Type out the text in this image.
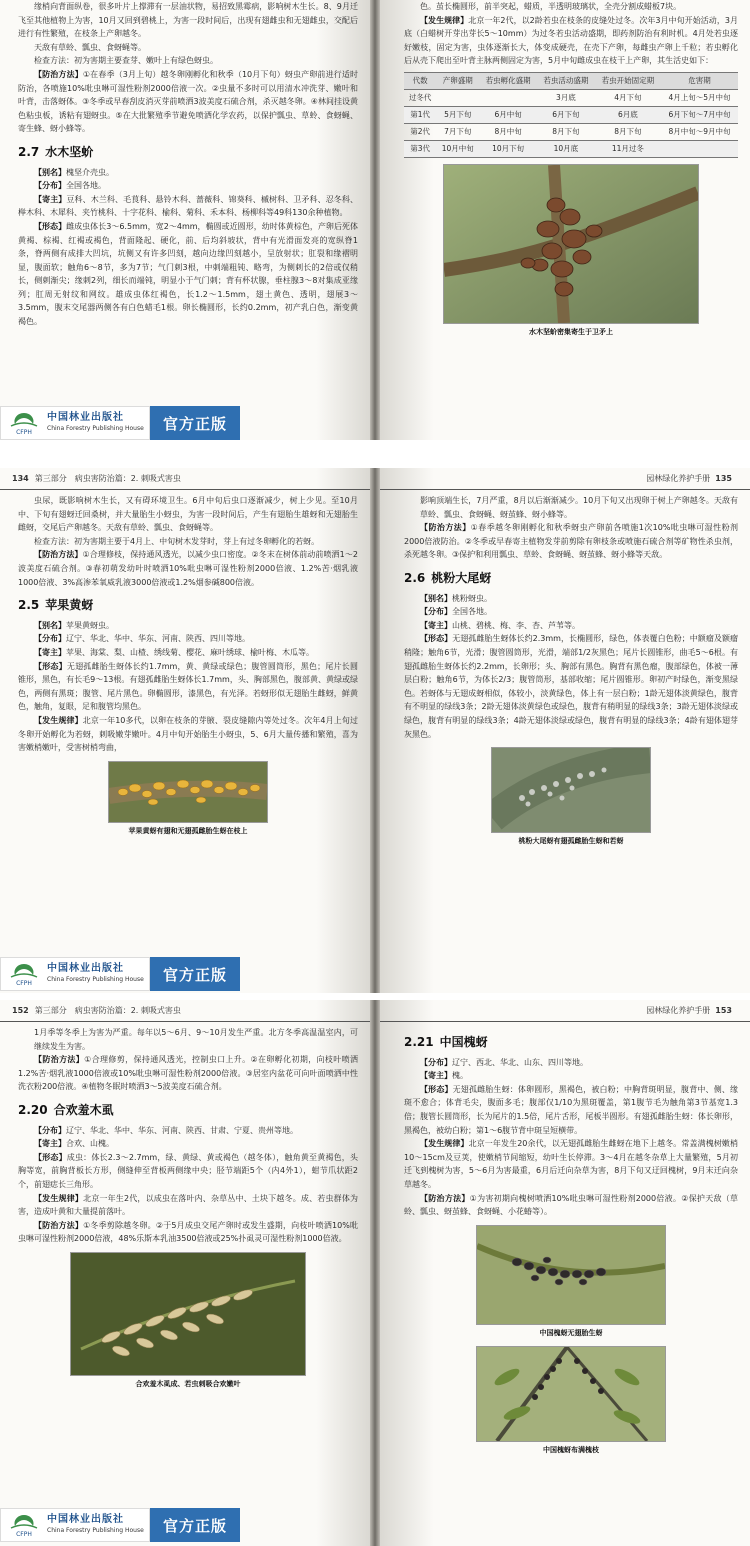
缘梢向背面纵卷，很多叶片上撑滞有一层油状物，易招致黑霉病，影响树木生长。8、9月迁飞至其他植物上为害，10月又回到碧桃上，为害一段时间后，出现有翅雌虫和无翅雌虫，交配后进行有性繁殖，在枝条上产卵越冬。

天敌有草蛉、瓢虫、食蚜蝇等。

检查方法：初为害期主要查芽、嫩叶上有绿色蚜虫。

【防治方法】①在春季（3月上旬）越冬卵刚孵化和秋季（10月下旬）蚜虫产卵前进行适时防治，各喷施10%吡虫啉可湿性粉剂2000倍液一次。②虫量不多时可以用清水冲洗芽、嫩叶和叶背，击落蚜体。③冬季或早春刮皮消灭芽前喷洒3波美度石硫合剂，杀灭越冬卵。④林间挂设黄色粘虫板，诱粘有翅蚜虫。⑤在大批繁殖季节避免喷洒化学农药，以保护瓢虫、草蛉、食蚜蝇、寄生蜂、蚜小蜂等。

2.7 水木坚蚧

【别名】槐坚介壳虫。

【分布】全国各地。

【寄主】豆科、木兰科、毛茛科、悬铃木科、蔷薇科、锦葵科、槭树科、卫矛科、忍冬科、榉木科、木犀科、夹竹桃科、十字花科、榆科、菊科、禾本科、杨柳科等49科130余种植物。

【形态】雌成虫体长3～6.5mm，宽2～4mm，椭圆或近圆形，幼时体黄棕色，产卵后死体黄褐、棕褐、红褐或褐色，背面隆起、硬化，前、后均斜坡状，背中有光滑面发亮的宽纵脊1条，脊两侧有成排大凹坑，坑侧又有许多凹刻，越向边缘凹刻越小，呈放射状；肛裂和缘褶明显，腹面软；触角6～8节，多为7节；气门刺3根，中刺端粗钝、略弯，为侧刺长的2倍或仅稍长，侧刺渐尖；缘刺2列，细长而端钝，明显小于气门刺；背有杯状腺，垂柱腺3～8对集成亚缘列；肛周无射纹和网纹。雄成虫体红褐色，长1.2～1.5mm，翅土黄色、透明，翅展3～3.5mm，腹末交尾器两侧各有白色蜡毛1根。卵长椭圆形，长约0.2mm，初产乳白色，渐变黄褐色。

CFPH
中国林业出版社
China Forestry Publishing House	官方正版

色。茧长椭圆形，前半突起，蜡质，半透明玻璃状，全壳分割成蜡板7块。

【发生规律】北京一年2代，以2龄若虫在枝条的皮缝处过冬。次年3月中旬开始活动，3月底（白蜡树开芽出芽长5～10mm）为过冬若虫活动盛期，即药剂防治有利时机。4月处若虫逐好嫩枝，固定为害，虫体逐渐长大，体变成硬壳，在壳下产卵，每雌虫产卵上千粒；若虫孵化后从壳下爬出至叶背主脉两侧固定为害，5月中旬雌成虫在枝干上产卵，其生活史如下：

代数	产卵盛期	若虫孵化盛期	若虫活动盛期	若虫开始固定期	危害期
过冬代			3月底	4月下旬	4月上旬～5月中旬
第1代	5月下旬	6月中旬	6月下旬	6月底	6月下旬～7月中旬
第2代	7月下旬	8月中旬	8月下旬	8月下旬	8月中旬～9月中旬
第3代	10月中旬	10月下旬	10月底	11月过冬	
水木坚蚧密集寄生于卫矛上
134 第三部分　病虫害防治篇：2. 刺吸式害虫

虫尿，既影响树木生长，又有碍环境卫生。6月中旬后虫口逐渐减少，树上少见。至10月中、下旬有翅蚜迁回桑树，并大量胎生小蚜虫，为害一段时间后，产生有翅胎生雄蚜和无翅胎生雌蚜，交尾后产卵越冬。天敌有草蛉、瓢虫、食蚜蝇等。

检查方法：初为害期主要于4月上、中旬树木发芽时，芽上有过冬卵孵化的若蚜。

【防治方法】①合理修枝，保持通风透光，以减少虫口密度。②冬末在树体前动前喷洒1～2波美度石硫合剂。③春初萌发幼叶时喷洒10%吡虫啉可湿性粉剂2000倍液、1.2%苦·烟乳液1000倍液、3%高渗苯氧威乳液3000倍液或1.2%烟参碱800倍液。

2.5 苹果黄蚜

【别名】苹果黄蚜虫。

【分布】辽宁、华北、华中、华东、河南、陕西、四川等地。

【寄主】苹果、海棠、梨、山楂、绣线菊、樱花、麻叶绣球、榆叶梅、木瓜等。

【形态】无翅孤雌胎生蚜体长约1.7mm，黄、黄绿或绿色；腹管圆筒形，黑色；尾片长圆锥形，黑色，有长毛9～13根。有翅孤雌胎生蚜体长1.7mm，头、胸部黑色，腹部黄、黄绿或绿色，两侧有黑斑；腹管、尾片黑色。卵椭圆形，漆黑色，有光泽。若蚜形似无翅胎生雌蚜，鲜黄色，触角，复眼，足和腹管均黑色。

【发生规律】北京一年10多代，以卵在枝条的芽腋、裂皮缝隙内等处过冬。次年4月上旬过冬卵开始孵化为若蚜，刺吸嫩芽嫩叶。4月中旬开始胎生小蚜虫，5、6月大量传播和繁殖，喜为害嫩梢嫩叶，受害树梢弯曲，

苹果黄蚜有翅和无翅孤雌胎生蚜在枝上
CFPH
中国林业出版社
China Forestry Publishing House	官方正版
园林绿化养护手册 135

影响顶端生长，7月严重，8月以后渐渐减少。10月下旬又出现卵于树上产卵越冬。天敌有草蛉、瓢虫、食蚜蝇、蚜茧蜂、蚜小蜂等。

【防治方法】①春季越冬卵刚孵化和秋季蚜虫产卵前各喷施1次10%吡虫啉可湿性粉剂2000倍液防治。②冬季或早春寄主植物发芽前剪除有卵枝条或喷施石硫合剂等矿物性杀虫剂，杀死越冬卵。③保护和利用瓢虫、草蛉、食蚜蝇、蚜茧蜂、蚜小蜂等天敌。

2.6 桃粉大尾蚜

【别名】桃粉蚜虫。

【分布】全国各地。

【寄主】山桃、碧桃、梅、李、杏、芦苇等。

【形态】无翅孤雌胎生蚜体长约2.3mm，长椭圆形，绿色，体表覆白色粉；中额瘤及额瘤稍隆；触角6节，光滑；腹管圆筒形，光滑，端部1/2灰黑色；尾片长圆锥形，曲毛5～6根。有翅孤雌胎生蚜体长约2.2mm，长卵形；头、胸部有黑色。胸背有黑色瘤，腹部绿色，体被一薄层白粉；触角6节，为体长2/3；腹管筒形，基部收缩；尾片圆锥形。卵初产时绿色，渐变黑绿色。若蚜体与无翅成蚜相似，体较小，淡黄绿色，体上有一层白粉；1龄无翅体淡黄绿色，腹背有不明显的绿线3条；2龄无翅体淡黄绿色或绿色，腹背有稍明显的绿线3条；3龄无翅体淡绿或绿色，腹背有明显的绿线3条；4龄无翅体淡绿或绿色，腹背有明显的绿线3条；4龄有翅体翅芽灰黑色。

桃粉大尾蚜有翅孤雌胎生蚜和若蚜
152 第三部分　病虫害防治篇：2. 刺吸式害虫

1月季等冬季上为害为严重。每年以5～6月、9～10月发生严重。北方冬季高温温室内，可继续发生为害。

【防治方法】①合理修剪，保持通风透光，控制虫口上升。②在卵孵化初期，向枝叶喷洒1.2%苦·烟乳液1000倍液或10%吡虫啉可湿性粉剂2000倍液。③居室内盆花可向叶面喷洒中性洗衣粉200倍液。④植物冬眠时喷洒3～5波美度石硫合剂。

2.20 合欢羞木虱

【分布】辽宁、华北、华中、华东、河南、陕西、甘肃、宁夏、贵州等地。

【寄主】合欢、山槐。

【形态】成虫：体长2.3～2.7mm，绿、黄绿、黄或褐色（越冬体），触角黄至黄褐色，头胸等宽，前胸背板长方形，侧缝伸至背板两侧缘中央；胫节端距5个（内4外1），蚶节爪状距2个，前翅痣长三角形。

【发生规律】北京一年生2代，以成虫在落叶内、杂草丛中、土块下越冬。成、若虫群体为害，造成叶黄和大量提前落叶。

【防治方法】①冬季剪除越冬卵。②于5月成虫交尾产卵时或发生盛期，向枝叶喷洒10%吡虫啉可湿性粉剂2000倍液，48%乐斯本乳油3500倍液或25%扑虱灵可湿性粉剂1000倍液。

合欢羞木虱成、若虫刺吸合欢嫩叶
CFPH
中国林业出版社
China Forestry Publishing House	官方正版
园林绿化养护手册 153
2.21 中国槐蚜

【分布】辽宁、西北、华北、山东、四川等地。

【寄主】槐。

【形态】无翅孤雌胎生蚜：体卵圆形，黑褐色，被白粉；中胸背斑明显，腹背中、侧、缘斑不愈合；体背毛尖，腹面多毛；腹部仅1/10为黑斑覆盖，第1腹节毛为触角第3节基宽1.3倍；腹管长圆筒形，长为尾片的1.5倍，尾片舌形，尾板半圆形。有翅孤雌胎生蚜：体长卵形，黑褐色，被幼白粉；第1～6腹节背中斑呈短横带。

【发生规律】北京一年发生20余代，以无翅孤雌胎生雌蚜在地下上越冬。常盖满槐树嫩梢10～15cm及豆荚，使嫩梢节间缩短，幼叶生长停滞。3～4月在越冬杂草上大量繁殖，5月初迁飞到槐树为害，5～6月为害最重，6月后迁向杂草为害，8月下旬又迂回槐树，9月末迁向杂草越冬。

【防治方法】①为害初期向槐树喷洒10%吡虫啉可湿性粉剂2000倍液。②保护天敌（草蛉、瓢虫、蚜茧蜂、食蚜蝇、小花蝽等）。

中国槐蚜无翅胎生蚜
中国槐蚜布满槐枝
